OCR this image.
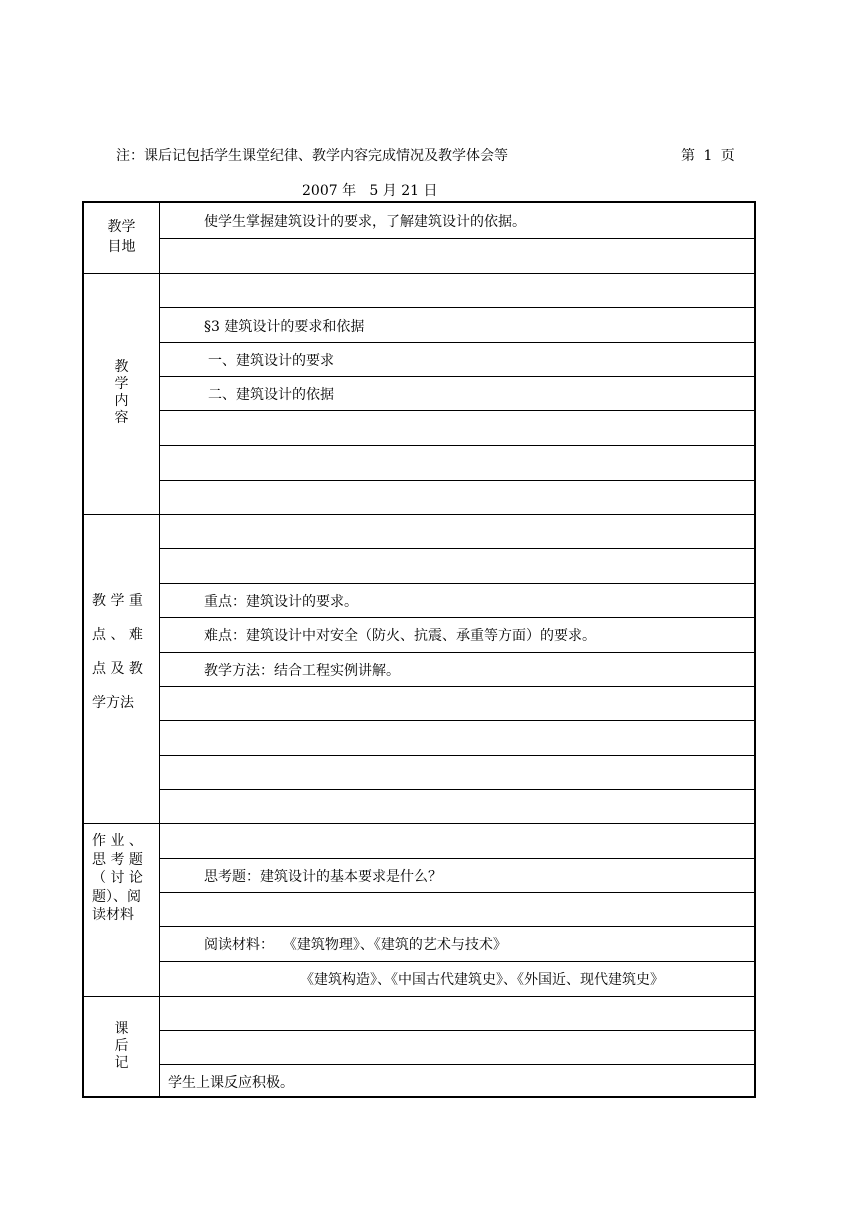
注：课后记包括学生课堂纪律、教学内容完成情况及教学体会等	第 1 页
2007 年   5 月 21 日
教学
目地
教
学
内
容
教 学 重
点 、 难
点 及 教
学方法
作 业 、
思 考 题
（ 讨 论
题）、阅
读材料
课
后
记
使学生掌握建筑设计的要求，了解建筑设计的依据。
§3 建筑设计的要求和依据
一、建筑设计的要求
二、建筑设计的依据
重点：建筑设计的要求。
难点：建筑设计中对安全（防火、抗震、承重等方面）的要求。
教学方法：结合工程实例讲解。
思考题：建筑设计的基本要求是什么？
阅读材料：  《建筑物理》、《建筑的艺术与技术》
《建筑构造》、《中国古代建筑史》、《外国近、现代建筑史》
学生上课反应积极。
